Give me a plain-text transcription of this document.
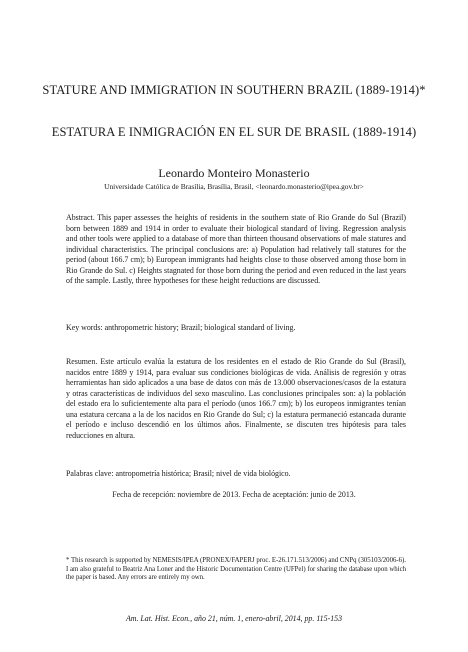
STATURE AND IMMIGRATION IN SOUTHERN BRAZIL (1889-1914)*
ESTATURA E INMIGRACIÓN EN EL SUR DE BRASIL (1889-1914)
Leonardo Monteiro Monasterio
Universidade Católica de Brasília, Brasília, Brasil, <leonardo.monasterio@ipea.gov.br>

Abstract. This paper assesses the heights of residents in the southern state of Rio Grande do Sul (Brazil) born between 1889 and 1914 in order to evaluate their biological standard of living. Regression analysis and other tools were applied to a database of more than thirteen thousand observations of male statures and individual characteristics. The principal conclusions are: a) Population had relatively tall statures for the period (about 166.7 cm); b) European immigrants had heights close to those observed among those born in Rio Grande do Sul. c) Heights stagnated for those born during the period and even reduced in the last years of the sample. Lastly, three hypotheses for these height reductions are discussed.

Key words: anthropometric history; Brazil; biological standard of living.

Resumen. Este artículo evalúa la estatura de los residentes en el estado de Rio Grande do Sul (Brasil), nacidos entre 1889 y 1914, para evaluar sus condiciones biológicas de vida. Análisis de regresión y otras herramientas han sido aplicados a una base de datos con más de 13.000 observaciones/casos de la estatura y otras características de individuos del sexo masculino. Las conclusiones principales son: a) la población del estado era lo suficientemente alta para el período (unos 166.7 cm); b) los europeos inmigrantes tenían una estatura cercana a la de los nacidos en Rio Grande do Sul; c) la estatura permaneció estancada durante el período e incluso descendió en los últimos años. Finalmente, se discuten tres hipótesis para tales reducciones en altura.

Palabras clave: antropometría histórica; Brasil; nivel de vida biológico.

Fecha de recepción: noviembre de 2013. Fecha de aceptación: junio de 2013.

* This research is supported by NEMESIS/IPEA (PRONEX/FAPERJ proc. E-26.171.513/2006) and CNPq (305103/2006-6). I am also grateful to Beatriz Ana Loner and the Historic Documentation Centre (UFPel) for sharing the database upon which the paper is based. Any errors are entirely my own.

Am. Lat. Hist. Econ., año 21, núm. 1, enero-abril, 2014, pp. 115-153
